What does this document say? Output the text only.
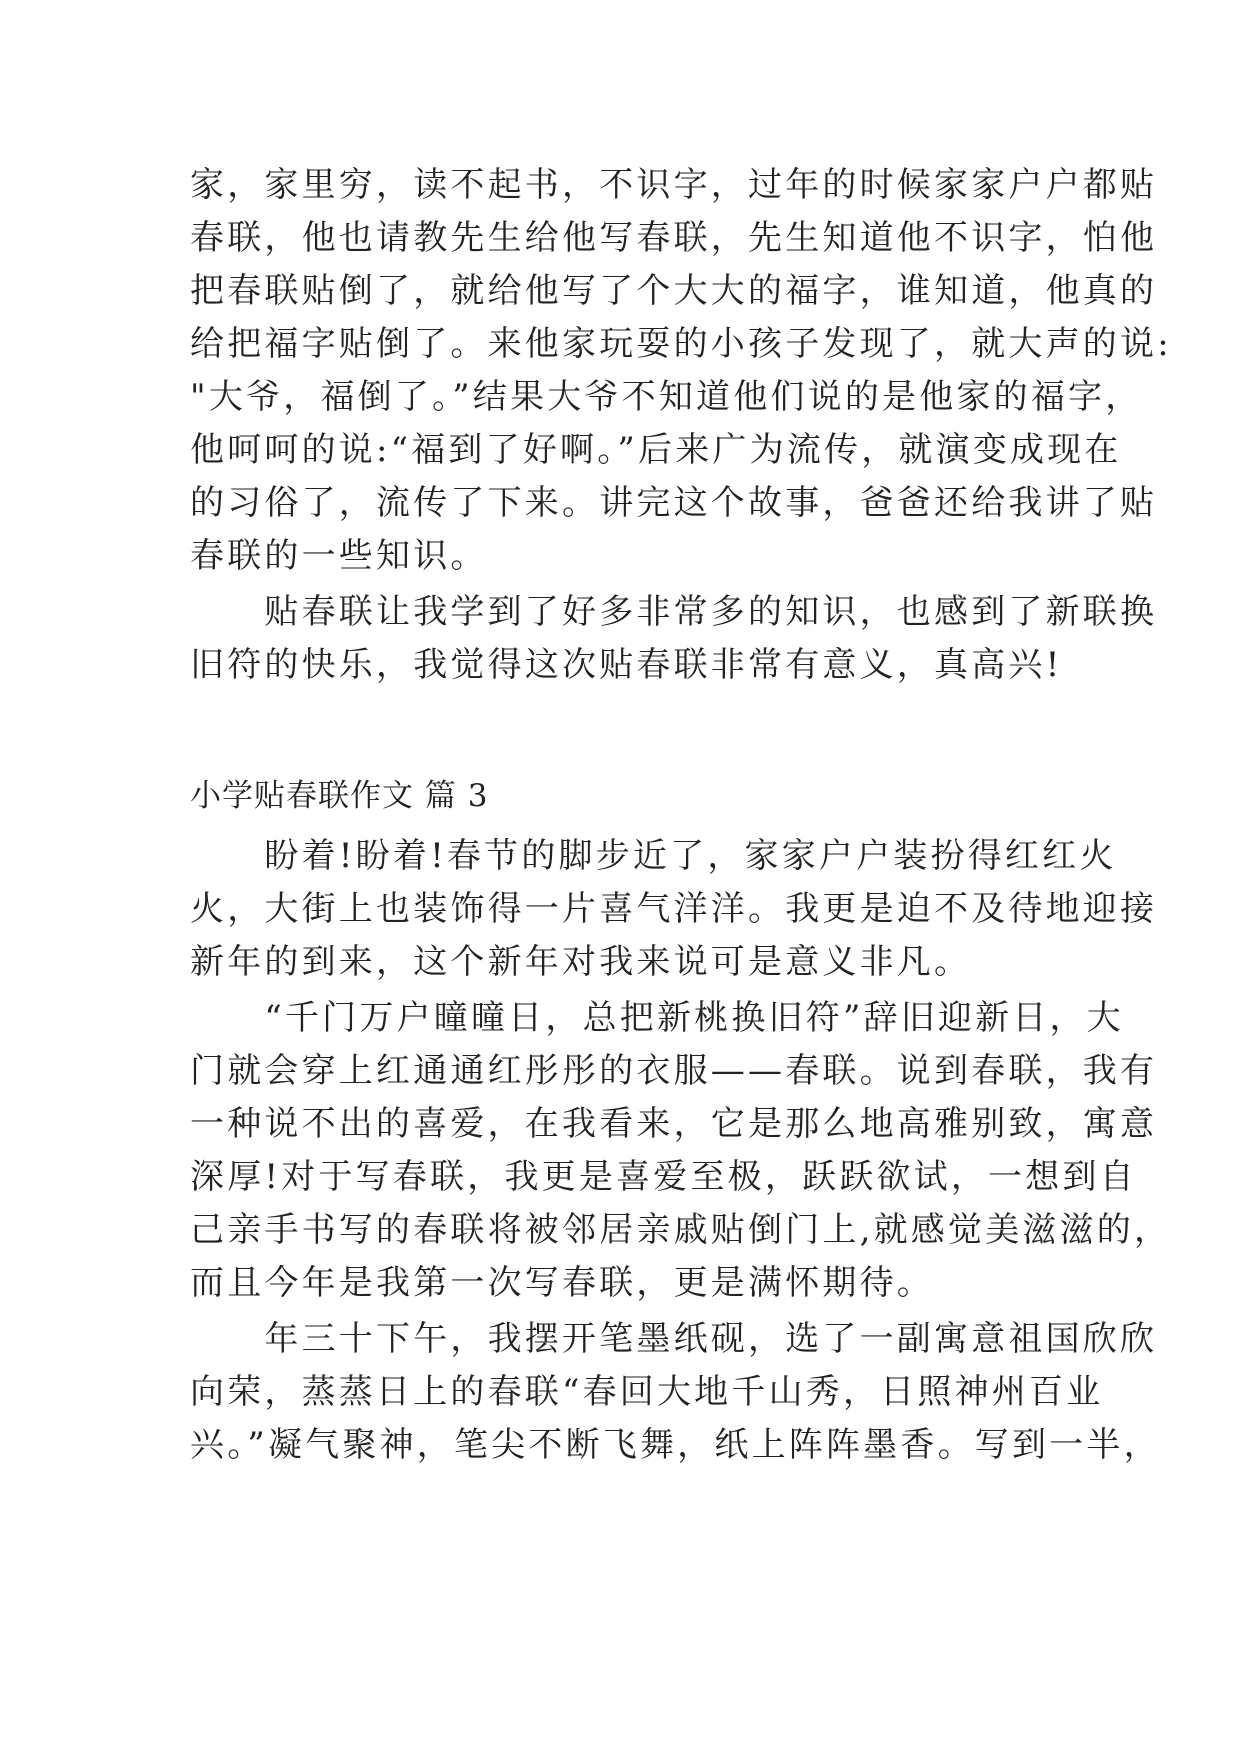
家，家里穷，读不起书，不识字，过年的时候家家户户都贴
春联，他也请教先生给他写春联，先生知道他不识字，怕他
把春联贴倒了，就给他写了个大大的福字，谁知道，他真的
给把福字贴倒了。来他家玩耍的小孩子发现了，就大声的说:
"大爷，福倒了。”结果大爷不知道他们说的是他家的福字，
他呵呵的说:“福到了好啊。”后来广为流传，就演变成现在
的习俗了，流传了下来。讲完这个故事，爸爸还给我讲了贴
春联的一些知识。
　　贴春联让我学到了好多非常多的知识，也感到了新联换
旧符的快乐，我觉得这次贴春联非常有意义，真高兴!
小学贴春联作文 篇 3
　　盼着!盼着!春节的脚步近了，家家户户装扮得红红火
火，大街上也装饰得一片喜气洋洋。我更是迫不及待地迎接
新年的到来，这个新年对我来说可是意义非凡。
　　“千门万户曈曈日，总把新桃换旧符”辞旧迎新日，大
门就会穿上红通通红彤彤的衣服——春联。说到春联，我有
一种说不出的喜爱，在我看来，它是那么地高雅别致，寓意
深厚!对于写春联，我更是喜爱至极，跃跃欲试，一想到自
己亲手书写的春联将被邻居亲戚贴倒门上,就感觉美滋滋的，
而且今年是我第一次写春联，更是满怀期待。
　　年三十下午，我摆开笔墨纸砚，选了一副寓意祖国欣欣
向荣，蒸蒸日上的春联“春回大地千山秀，日照神州百业
兴。”凝气聚神，笔尖不断飞舞，纸上阵阵墨香。写到一半，
